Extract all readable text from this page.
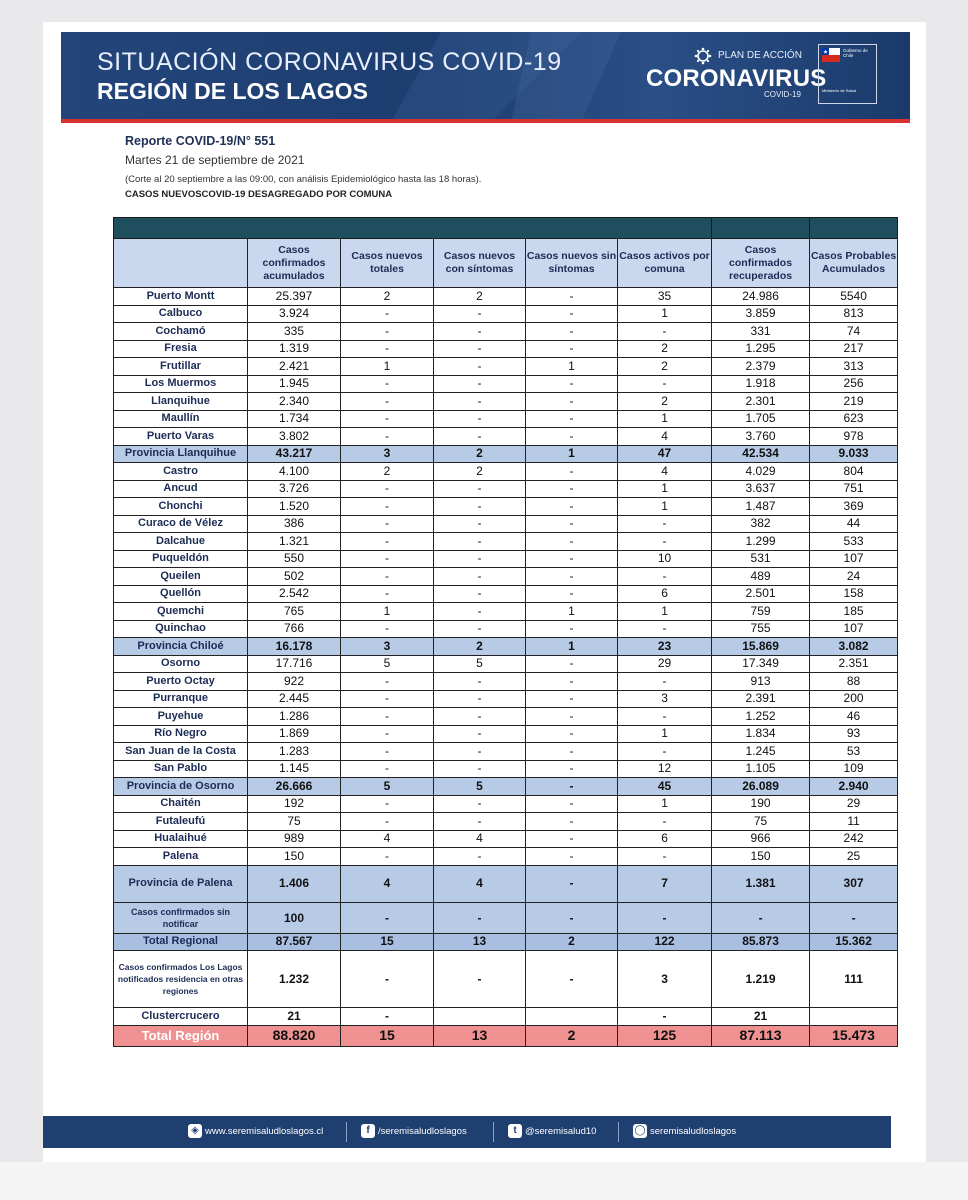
SITUACIÓN CORONAVIRUS COVID-19
REGIÓN DE LOS LAGOS
PLAN DE ACCIÓN
CORONAVIRUS
COVID-19
Gobierno de Chile
Ministerio de Salud
Reporte COVID-19/N° 551
Martes 21 de septiembre de 2021
(Corte al 20 septiembre a las 09:00, con análisis Epidemiológico hasta las 18 horas).
CASOS NUEVOSCOVID-19 DESAGREGADO POR COMUNA

	Casos confirmados acumulados	Casos nuevos totales	Casos nuevos con síntomas	Casos nuevos sin síntomas	Casos activos por comuna	Casos confirmados recuperados	Casos Probables Acumulados
Puerto Montt	25.397	2	2	-	35	24.986	5540
Calbuco	3.924	-	-	-	1	3.859	813
Cochamó	335	-	-	-	-	331	74
Fresia	1.319	-	-	-	2	1.295	217
Frutillar	2.421	1	-	1	2	2.379	313
Los Muermos	1.945	-	-	-	-	1.918	256
Llanquihue	2.340	-	-	-	2	2.301	219
Maullín	1.734	-	-	-	1	1.705	623
Puerto Varas	3.802	-	-	-	4	3.760	978
Provincia Llanquihue	43.217	3	2	1	47	42.534	9.033
Castro	4.100	2	2	-	4	4.029	804
Ancud	3.726	-	-	-	1	3.637	751
Chonchi	1.520	-	-	-	1	1.487	369
Curaco de Vélez	386	-	-	-	-	382	44
Dalcahue	1.321	-	-	-	-	1.299	533
Puqueldón	550	-	-	-	10	531	107
Queilen	502	-	-	-	-	489	24
Quellón	2.542	-	-	-	6	2.501	158
Quemchi	765	1	-	1	1	759	185
Quinchao	766	-	-	-	-	755	107
Provincia Chiloé	16.178	3	2	1	23	15.869	3.082
Osorno	17.716	5	5	-	29	17.349	2.351
Puerto Octay	922	-	-	-	-	913	88
Purranque	2.445	-	-	-	3	2.391	200
Puyehue	1.286	-	-	-	-	1.252	46
Río Negro	1.869	-	-	-	1	1.834	93
San Juan de la Costa	1.283	-	-	-	-	1.245	53
San Pablo	1.145	-	-	-	12	1.105	109
Provincia de Osorno	26.666	5	5	-	45	26.089	2.940
Chaitén	192	-	-	-	1	190	29
Futaleufú	75	-	-	-	-	75	11
Hualaihué	989	4	4	-	6	966	242
Palena	150	-	-	-	-	150	25
Provincia de Palena	1.406	4	4	-	7	1.381	307
Casos confirmados sin notificar	100	-	-	-	-	-	-
Total Regional	87.567	15	13	2	122	85.873	15.362
Casos confirmados Los Lagos notificados residencia en otras regiones	1.232	-	-	-	3	1.219	111
Clustercrucero	21	-			-	21	
Total Región	88.820	15	13	2	125	87.113	15.473
◈ www.seremisaludloslagos.cl	f /seremisaludloslagos	t @seremisalud10	◯ seremisaludloslagos
